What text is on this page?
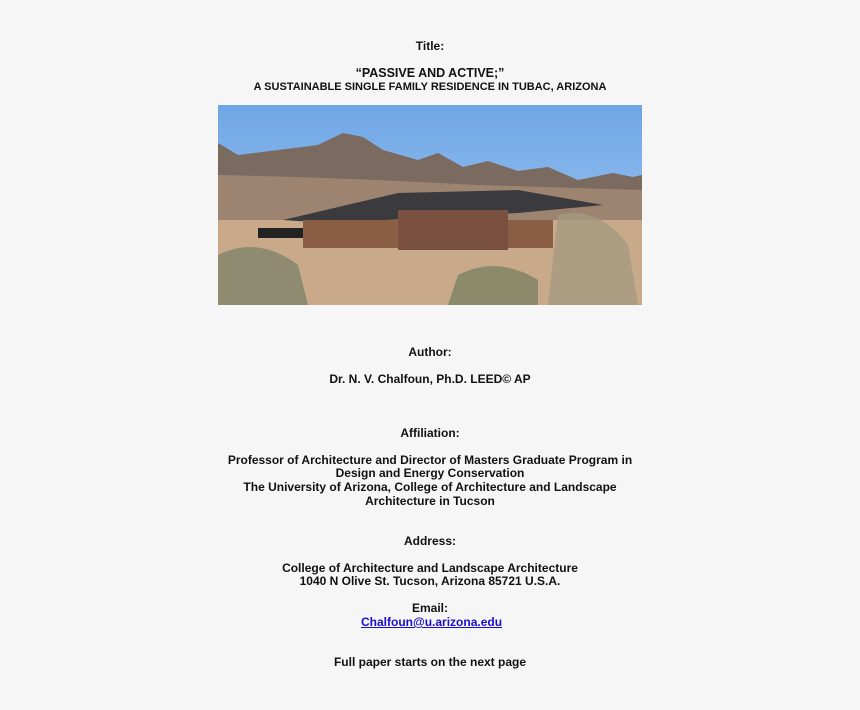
Title:
“PASSIVE AND ACTIVE;”
A SUSTAINABLE SINGLE FAMILY RESIDENCE IN TUBAC, ARIZONA
Author:
Dr. N. V. Chalfoun, Ph.D. LEED© AP
Affiliation:
Professor of Architecture and Director of Masters Graduate Program in
Design and Energy Conservation
The University of Arizona, College of Architecture and Landscape
Architecture in Tucson
Address:
College of Architecture and Landscape Architecture
1040 N Olive St. Tucson, Arizona 85721 U.S.A.
Email:
Chalfoun@u.arizona.edu
Full paper starts on the next page
